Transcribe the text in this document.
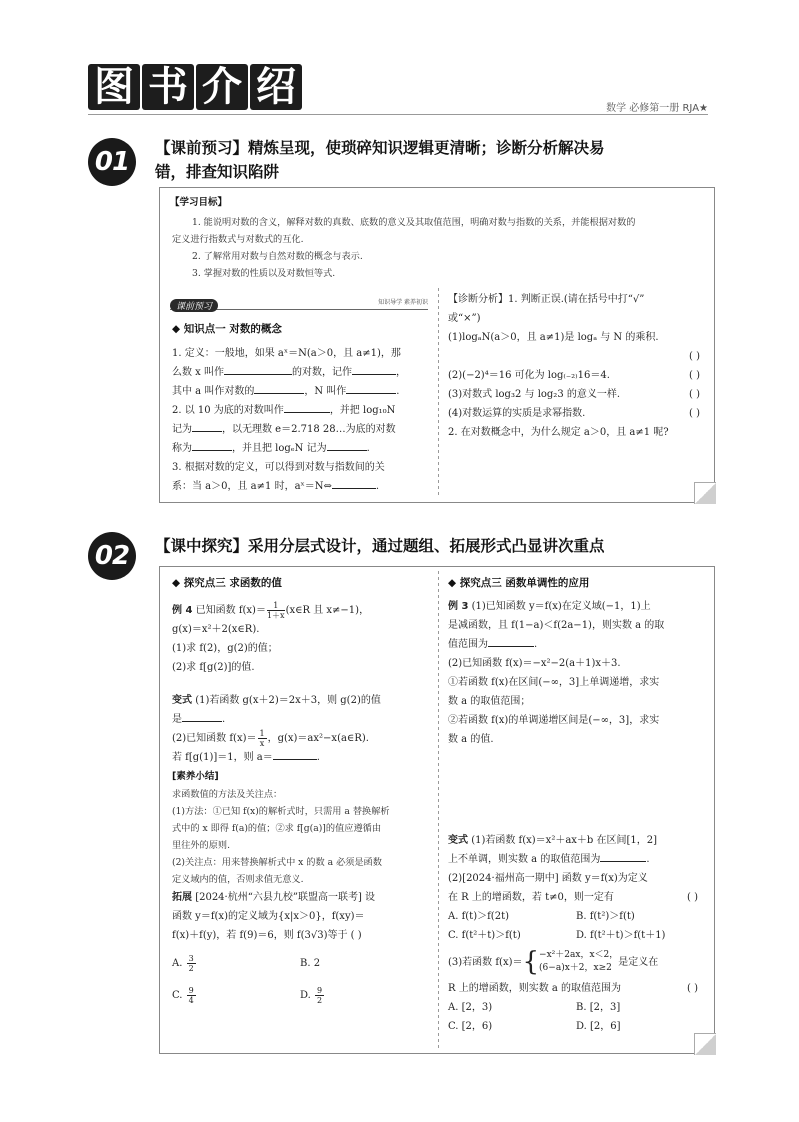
图 书 介 绍	数学 必修第一册 RJA★
01	【课前预习】精炼呈现，使琐碎知识逻辑更清晰；诊断分析解决易
错，排查知识陷阱
【学习目标】
1. 能说明对数的含义，解释对数的真数、底数的意义及其取值范围，明确对数与指数的关系，并能根据对数的
定义进行指数式与对数式的互化.
2. 了解常用对数与自然对数的概念与表示.
3. 掌握对数的性质以及对数恒等式.
课前预习	知识导学 素养初识
◆ 知识点一 对数的概念
1. 定义：一般地，如果 aˣ＝N(a＞0，且 a≠1)，那
么数 x 叫作	的对数，记作	，
其中 a 叫作对数的	，N 叫作	.
2. 以 10 为底的对数叫作	，并把 log₁₀N
记为	，以无理数 e＝2.718 28…为底的对数
称为	，并且把 logₑN 记为	.
3. 根据对数的定义，可以得到对数与指数间的关
系：当 a＞0，且 a≠1 时，aˣ＝N⇔	.
【诊断分析】1. 判断正误.(请在括号中打“√”
或“×”)
(1)logₐN(a＞0，且 a≠1)是 logₐ 与 N 的乘积.
( )
(2)(−2)⁴＝16 可化为 log₍₋₂₎16＝4.	( )
(3)对数式 log₃2 与 log₂3 的意义一样.	( )
(4)对数运算的实质是求幂指数.	( )
2. 在对数概念中，为什么规定 a＞0，且 a≠1 呢?
02	【课中探究】采用分层式设计，通过题组、拓展形式凸显讲次重点
◆ 探究点三 求函数的值
例 4 已知函数 $f(x)= \frac{1}{1+x}$ (x∈R 且 x≠−1)，
g(x)＝x²＋2(x∈R).
(1)求 f(2)，g(2)的值；
(2)求 f[g(2)]的值.
变式 (1)若函数 g(x＋2)＝2x＋3，则 g(2)的值
是	.
(2)已知函数 $f(x)= \frac{1}{x}$ ，g(x)＝ax²−x(a∈R).
若 f[g(1)]＝1，则 a＝	.
[素养小结]
求函数值的方法及关注点：
(1)方法：①已知 f(x)的解析式时，只需用 a 替换解析
式中的 x 即得 f(a)的值；②求 f[g(a)]的值应遵循由
里往外的原则.
(2)关注点：用来替换解析式中 x 的数 a 必须是函数
定义域内的值，否则求值无意义.
拓展 [2024·杭州“六县九校”联盟高一联考] 设
函数 y＝f(x)的定义域为{x|x＞0}，f(xy)＝
f(x)＋f(y)，若 f(9)＝6，则 f(3√3)等于 ( )
A. $\frac{3}{2}$	B. 2
C. $\frac{9}{4}$	D. $\frac{9}{2}$
◆ 探究点三 函数单调性的应用
例 3 (1)已知函数 y＝f(x)在定义域(−1，1)上
是减函数，且 f(1−a)＜f(2a−1)，则实数 a 的取
值范围为	.
(2)已知函数 f(x)＝−x²−2(a＋1)x＋3.
①若函数 f(x)在区间(−∞，3]上单调递增，求实
数 a 的取值范围；
②若函数 f(x)的单调递增区间是(−∞，3]，求实
数 a 的值.
变式 (1)若函数 f(x)＝x²＋ax＋b 在区间[1，2]
上不单调，则实数 a 的取值范围为	.
(2)[2024·福州高一期中] 函数 y＝f(x)为定义
在 R 上的增函数，若 t≠0，则一定有	( )
A. f(t)＞f(2t)	B. f(t²)＞f(t)
C. f(t²＋t)＞f(t)	D. f(t²＋t)＞f(t＋1)
(3)若函数 f(x)＝ { −x²＋2ax，x＜2，
(6−a)x＋2，x≥2
是定义在
R 上的增函数，则实数 a 的取值范围为	( )
A. [2，3)	B. [2，3]
C. [2，6)	D. [2，6]
